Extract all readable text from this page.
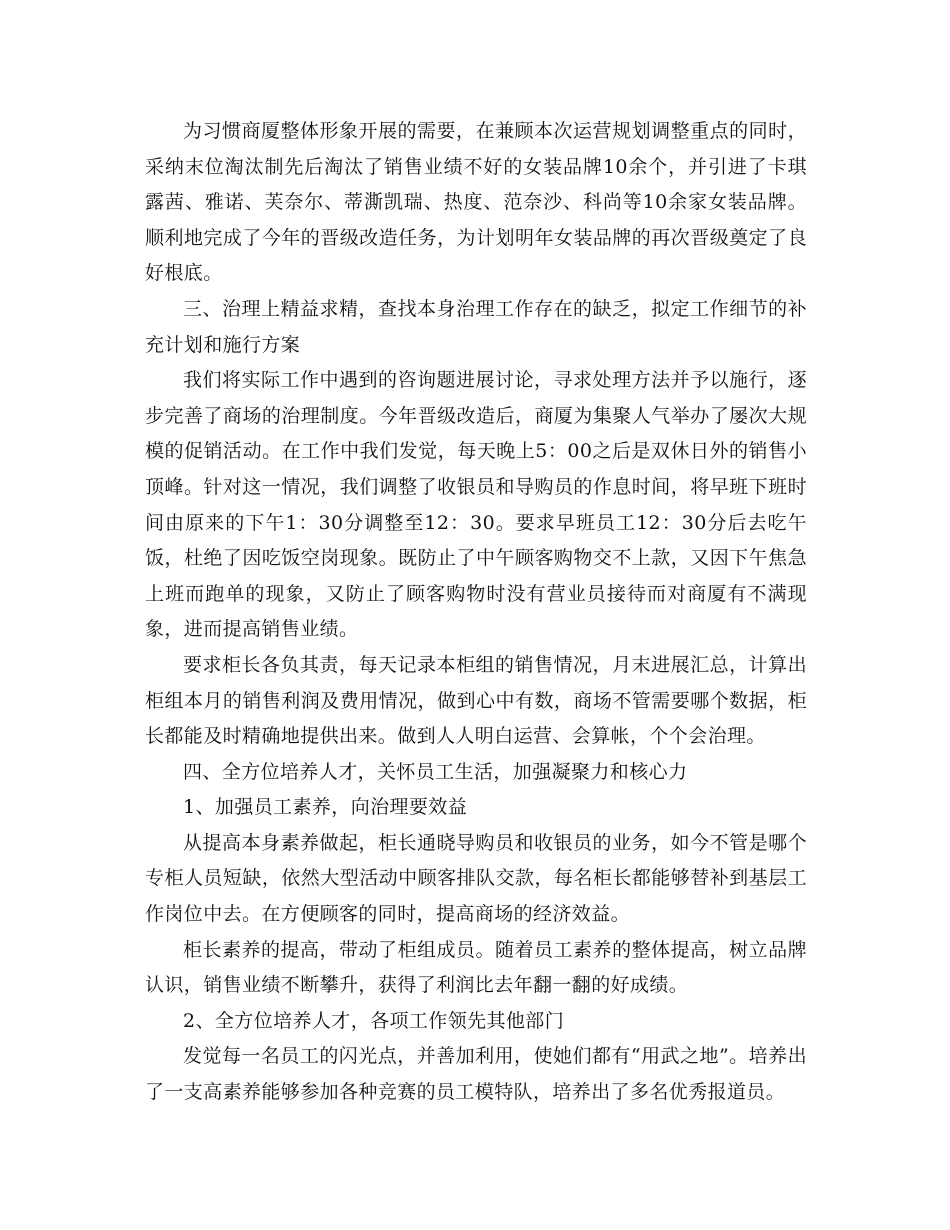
为习惯商厦整体形象开展的需要，在兼顾本次运营规划调整重点的同时，采纳末位淘汰制先后淘汰了销售业绩不好的女装品牌10余个，并引进了卡琪露茜、雅诺、芙奈尔、蒂澌凯瑞、热度、范奈沙、科尚等10余家女装品牌。顺利地完成了今年的晋级改造任务，为计划明年女装品牌的再次晋级奠定了良好根底。

三、治理上精益求精，查找本身治理工作存在的缺乏，拟定工作细节的补充计划和施行方案

我们将实际工作中遇到的咨询题进展讨论，寻求处理方法并予以施行，逐步完善了商场的治理制度。今年晋级改造后，商厦为集聚人气举办了屡次大规模的促销活动。在工作中我们发觉，每天晚上5：00之后是双休日外的销售小顶峰。针对这一情况，我们调整了收银员和导购员的作息时间，将早班下班时间由原来的下午1：30分调整至12：30。要求早班员工12：30分后去吃午饭，杜绝了因吃饭空岗现象。既防止了中午顾客购物交不上款，又因下午焦急上班而跑单的现象，又防止了顾客购物时没有营业员接待而对商厦有不满现象，进而提高销售业绩。

要求柜长各负其责，每天记录本柜组的销售情况，月末进展汇总，计算出柜组本月的销售利润及费用情况，做到心中有数，商场不管需要哪个数据，柜长都能及时精确地提供出来。做到人人明白运营、会算帐，个个会治理。

四、全方位培养人才，关怀员工生活，加强凝聚力和核心力

1、加强员工素养，向治理要效益

从提高本身素养做起，柜长通晓导购员和收银员的业务，如今不管是哪个专柜人员短缺，依然大型活动中顾客排队交款，每名柜长都能够替补到基层工作岗位中去。在方便顾客的同时，提高商场的经济效益。

柜长素养的提高，带动了柜组成员。随着员工素养的整体提高，树立品牌认识，销售业绩不断攀升，获得了利润比去年翻一翻的好成绩。

2、全方位培养人才，各项工作领先其他部门

发觉每一名员工的闪光点，并善加利用，使她们都有“用武之地”。培养出了一支高素养能够参加各种竞赛的员工模特队，培养出了多名优秀报道员。
